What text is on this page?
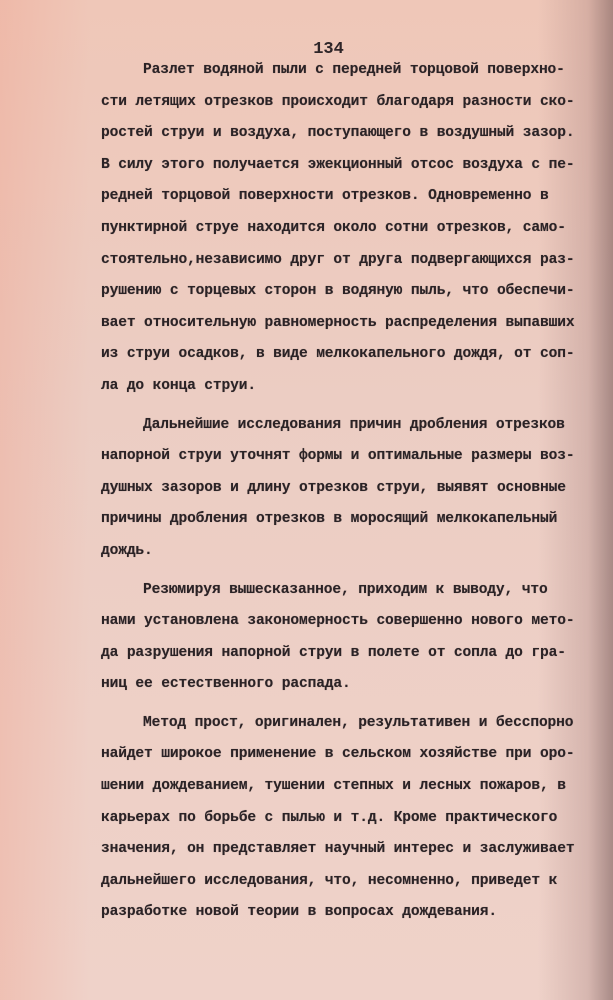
134
Разлет водяной пыли с передней торцовой поверхно-
сти летящих отрезков происходит благодаря разности ско-
ростей струи и воздуха, поступающего в воздушный зазор.
В силу этого получается эжекционный отсос воздуха с пе-
редней торцовой поверхности отрезков. Одновременно в
пунктирной струе находится около сотни отрезков, само-
стоятельно,независимо друг от друга подвергающихся раз-
рушению с торцевых сторон в водяную пыль, что обеспечи-
вает относительную равномерность распределения выпавших
из струи осадков, в виде мелкокапельного дождя, от соп-
ла до конца струи.
Дальнейшие исследования причин дробления отрезков
напорной струи уточнят формы и оптимальные размеры воз-
душных зазоров и длину отрезков струи, выявят основные
причины дробления отрезков в моросящий мелкокапельный
дождь.
Резюмируя вышесказанное, приходим к выводу, что
нами установлена закономерность совершенно нового мето-
да разрушения напорной струи в полете от сопла до гра-
ниц ее естественного распада.
Метод прост, оригинален, результативен и бесспорно
найдет широкое применение в сельском хозяйстве при оро-
шении дождеванием, тушении степных и лесных пожаров, в
карьерах по борьбе с пылью и т.д. Кроме практического
значения, он представляет научный интерес и заслуживает
дальнейшего исследования, что, несомненно, приведет к
разработке новой теории в вопросах дождевания.
